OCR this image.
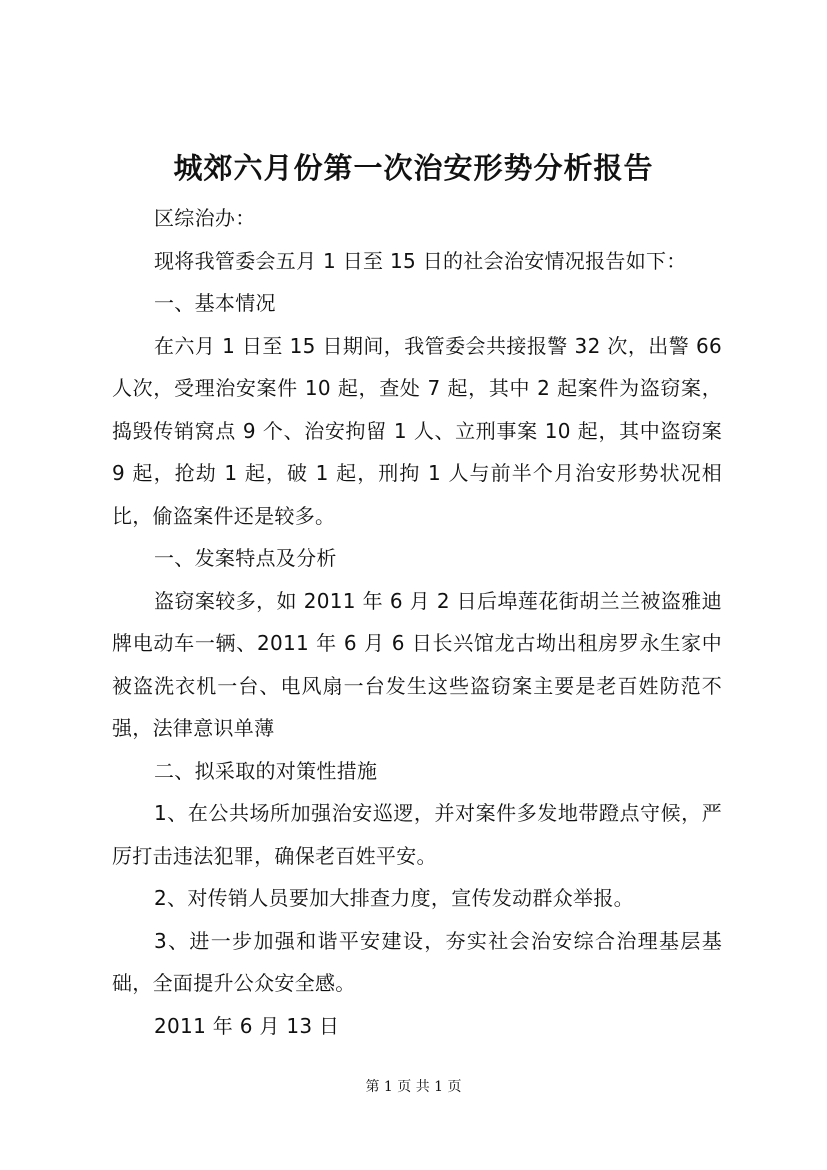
城郊六月份第一次治安形势分析报告

区综治办：

现将我管委会五月 1 日至 15 日的社会治安情况报告如下：

一、基本情况

在六月 1 日至 15 日期间，我管委会共接报警 32 次，出警 66 人次，受理治安案件 10 起，查处 7 起，其中 2 起案件为盗窃案，捣毁传销窝点 9 个、治安拘留 1 人、立刑事案 10 起，其中盗窃案 9 起，抢劫 1 起，破 1 起，刑拘 1 人与前半个月治安形势状况相比，偷盗案件还是较多。

一、发案特点及分析

盗窃案较多，如 2011 年 6 月 2 日后埠莲花街胡兰兰被盗雅迪牌电动车一辆、2011 年 6 月 6 日长兴馆龙古坳出租房罗永生家中被盗洗衣机一台、电风扇一台发生这些盗窃案主要是老百姓防范不强，法律意识单薄

二、拟采取的对策性措施

1、在公共场所加强治安巡逻，并对案件多发地带蹬点守候，严厉打击违法犯罪，确保老百姓平安。

2、对传销人员要加大排查力度，宣传发动群众举报。

3、进一步加强和谐平安建设，夯实社会治安综合治理基层基础，全面提升公众安全感。

2011 年 6 月 13 日

第 1 页 共 1 页
